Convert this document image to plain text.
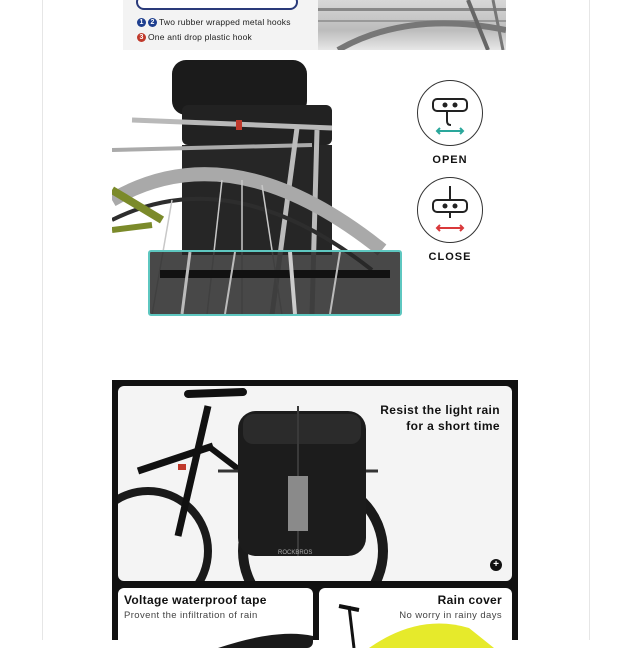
1	2 Two rubber wrapped metal hooks
3 One anti drop plastic hook
OPEN
CLOSE
ROCKBROS
Resist the light rain
for a short time
+
Voltage waterproof tape
Provent the infiltration of rain
Rain cover
No worry in rainy days
